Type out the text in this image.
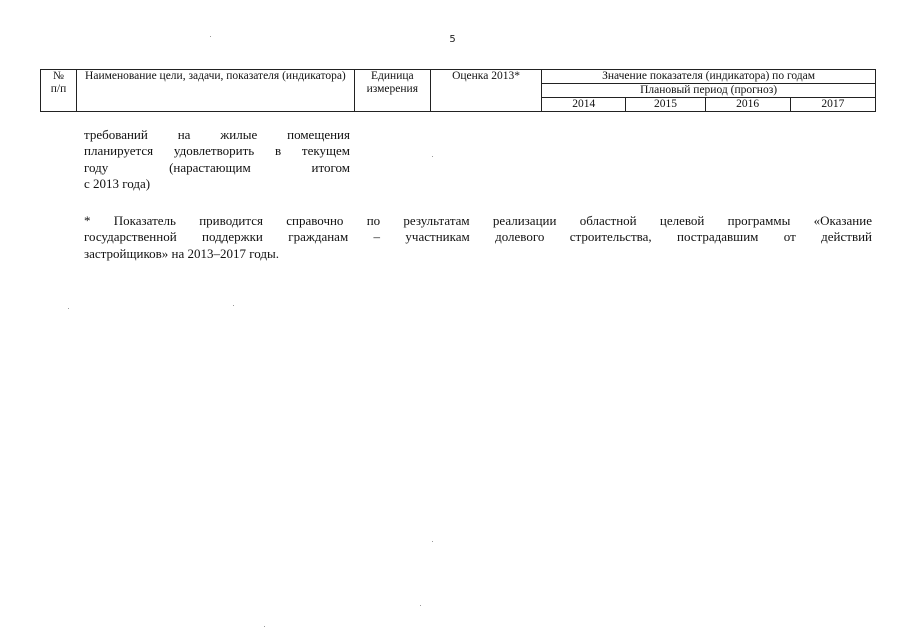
5
№
п/п	Наименование цели, задачи, показателя (индикатора)	Единица измерения	Оценка 2013*	Значение показателя (индикатора) по годам			
				Плановый период (прогноз)			
				2014	2015	2016	2017
требований на жилые помещения
планируется удовлетворить в текущем
году (нарастающим итогом
с 2013 года)
* Показатель приводится справочно по результатам реализации областной целевой программы «Оказание
государственной поддержки гражданам – участникам долевого строительства, пострадавшим от действий
застройщиков» на 2013–2017 годы.
